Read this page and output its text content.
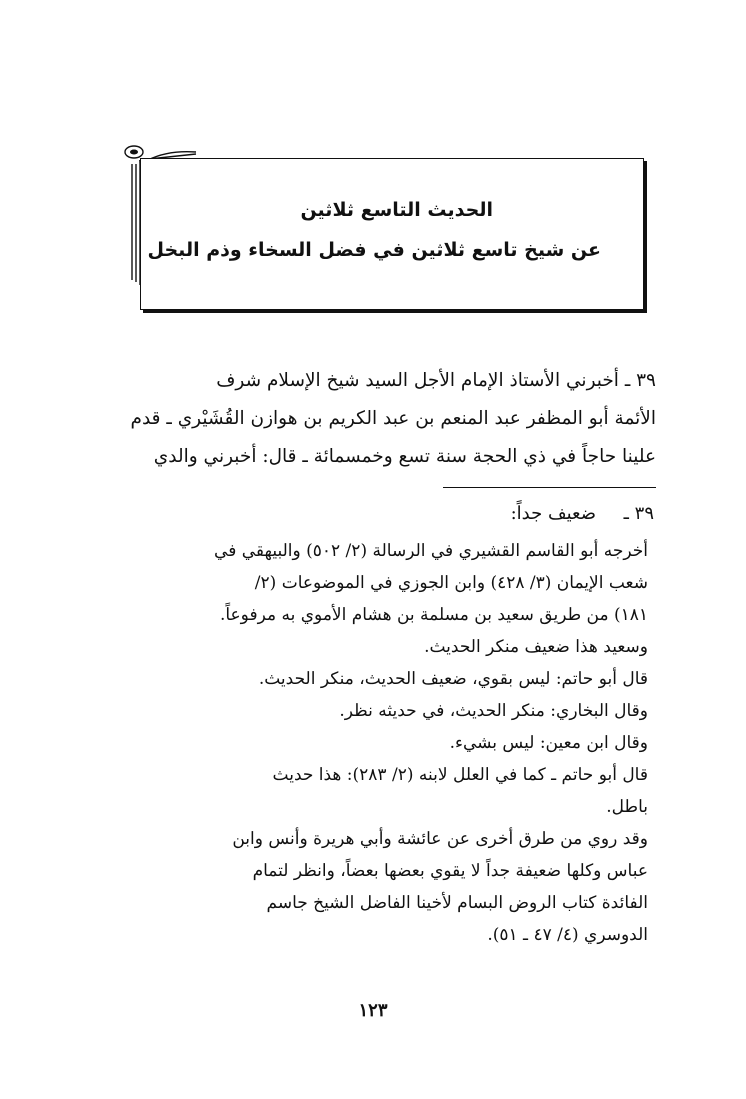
الحديث التاسع ثلاثين
عن شيخ تاسع ثلاثين في فضل السخاء وذم البخل
٣٩ ـ أخبرني الأستاذ الإمام الأجل السيد شيخ الإسلام شرف
الأئمة أبو المظفر عبد المنعم بن عبد الكريم بن هوازن القُشَيْري ـ قدم
علينا حاجاً في ذي الحجة سنة تسع وخمسمائة ـ قال: أخبرني والدي
٣٩ ـ
ضعيف جداً:
أخرجه أبو القاسم القشيري في الرسالة (٢/ ٥٠٢) والبيهقي في
شعب الإيمان (٣/ ٤٢٨) وابن الجوزي في الموضوعات (٢/
١٨١) من طريق سعيد بن مسلمة بن هشام الأموي به مرفوعاً.
وسعيد هذا ضعيف منكر الحديث.
قال أبو حاتم: ليس بقوي، ضعيف الحديث، منكر الحديث.
وقال البخاري: منكر الحديث، في حديثه نظر.
وقال ابن معين: ليس بشيء.
قال أبو حاتم ـ كما في العلل لابنه (٢/ ٢٨٣): هذا حديث
باطل.
وقد روي من طرق أخرى عن عائشة وأبي هريرة وأنس وابن
عباس وكلها ضعيفة جداً لا يقوي بعضها بعضاً، وانظر لتمام
الفائدة كتاب الروض البسام لأخينا الفاضل الشيخ جاسم
الدوسري (٤/ ٤٧ ـ ٥١).
١٢٣
